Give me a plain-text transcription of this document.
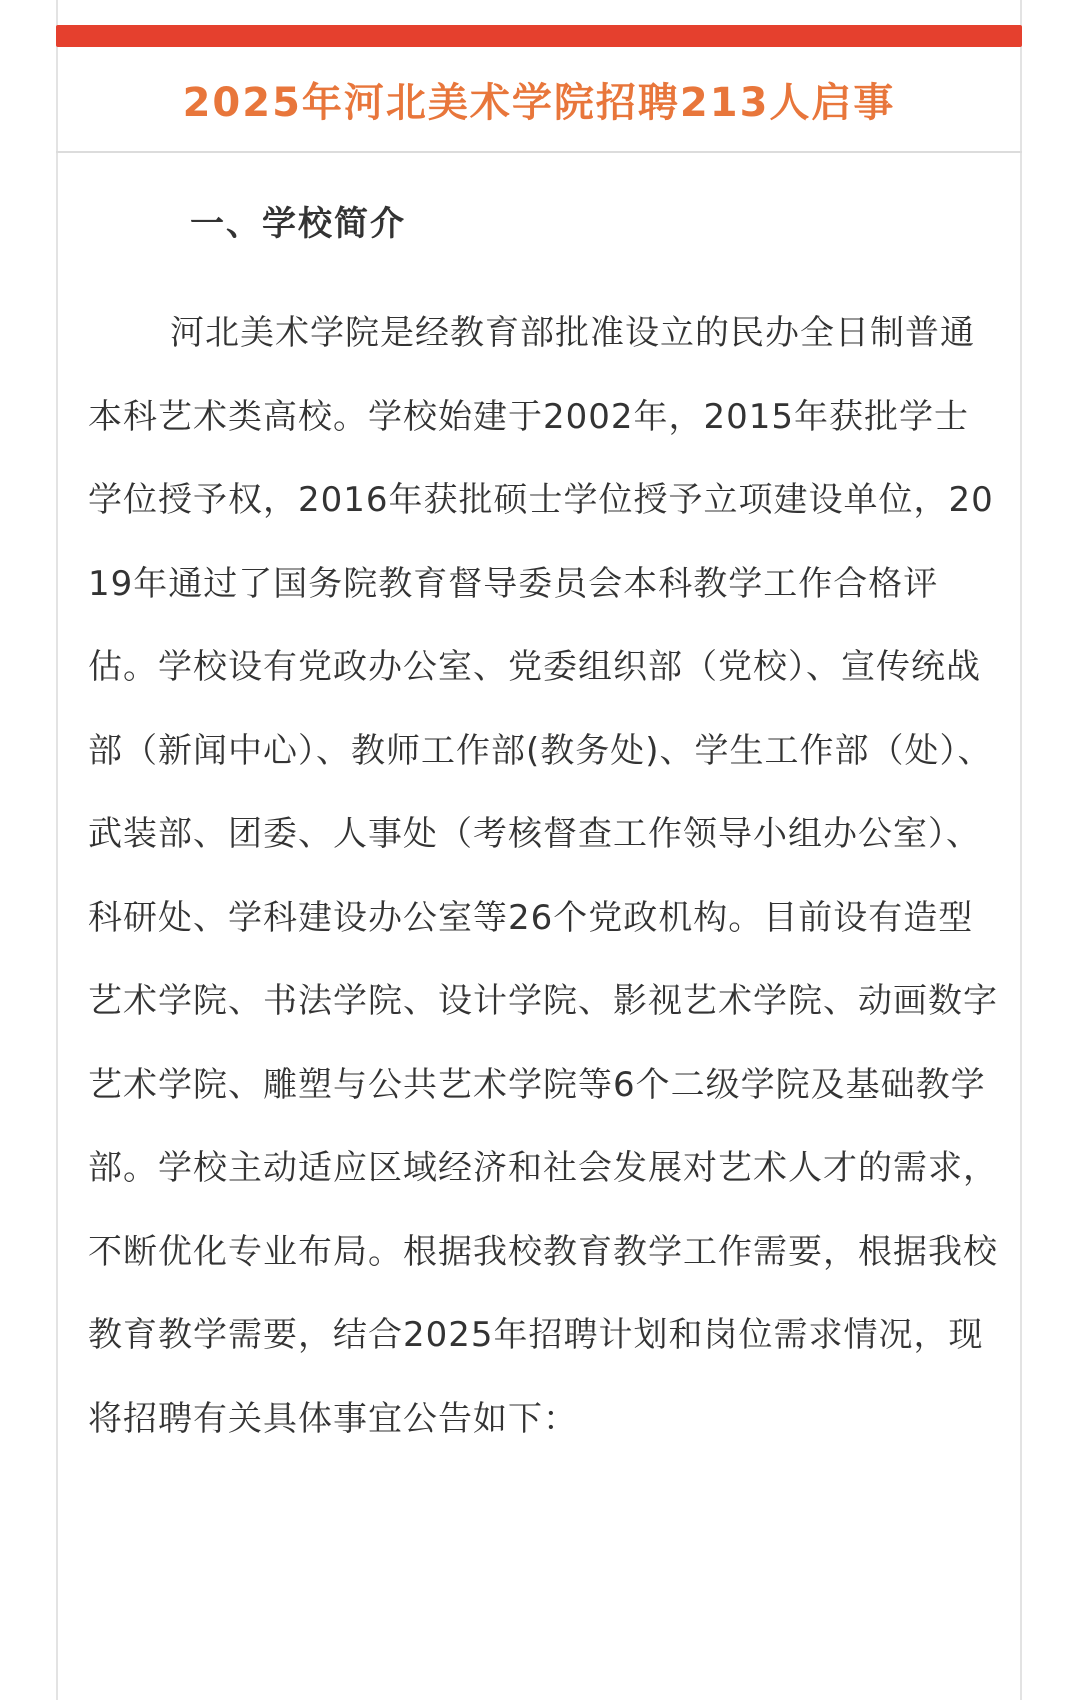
2025年河北美术学院招聘213人启事
一、学校简介

河北美术学院是经教育部批准设立的民办全日制普通本科艺术类高校。学校始建于2002年，2015年获批学士学位授予权，2016年获批硕士学位授予立项建设单位，2019年通过了国务院教育督导委员会本科教学工作合格评估。学校设有党政办公室、党委组织部（党校）、宣传统战部（新闻中心）、教师工作部(教务处)、学生工作部（处）、武装部、团委、人事处（考核督查工作领导小组办公室）、科研处、学科建设办公室等26个党政机构。目前设有造型艺术学院、书法学院、设计学院、影视艺术学院、动画数字艺术学院、雕塑与公共艺术学院等6个二级学院及基础教学部。学校主动适应区域经济和社会发展对艺术人才的需求，不断优化专业布局。根据我校教育教学工作需要，根据我校教育教学需要，结合2025年招聘计划和岗位需求情况，现将招聘有关具体事宜公告如下：
